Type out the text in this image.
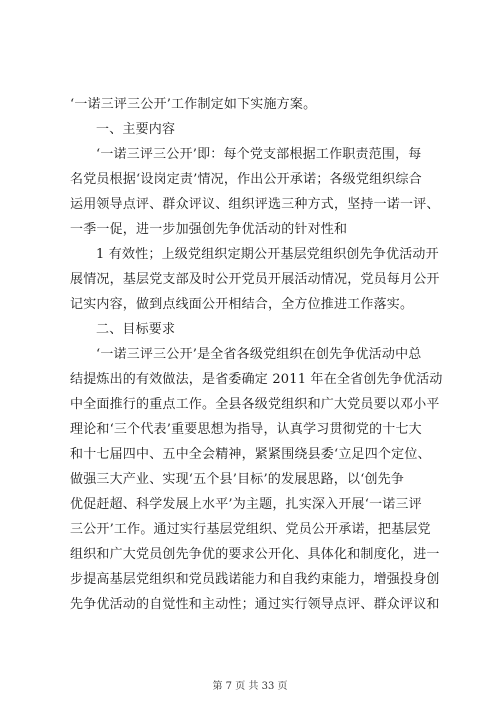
‘一诺三评三公开’工作制定如下实施方案。
一、主要内容
‘一诺三评三公开’即：每个党支部根据工作职责范围，每
名党员根据‘设岗定责’情况，作出公开承诺；各级党组织综合
运用领导点评、群众评议、组织评选三种方式，坚持一诺一评、
一季一促，进一步加强创先争优活动的针对性和
1 有效性；上级党组织定期公开基层党组织创先争优活动开
展情况，基层党支部及时公开党员开展活动情况，党员每月公开
记实内容，做到点线面公开相结合，全方位推进工作落实。
二、目标要求
‘一诺三评三公开’是全省各级党组织在创先争优活动中总
结提炼出的有效做法，是省委确定 2011 年在全省创先争优活动
中全面推行的重点工作。全县各级党组织和广大党员要以邓小平
理论和‘三个代表’重要思想为指导，认真学习贯彻党的十七大
和十七届四中、五中全会精神，紧紧围绕县委‘立足四个定位、
做强三大产业、实现‘五个县’目标’的发展思路，以‘创先争
优促赶超、科学发展上水平’为主题，扎实深入开展‘一诺三评
三公开’工作。通过实行基层党组织、党员公开承诺，把基层党
组织和广大党员创先争优的要求公开化、具体化和制度化，进一
步提高基层党组织和党员践诺能力和自我约束能力，增强投身创
先争优活动的自觉性和主动性；通过实行领导点评、群众评议和
第 7 页 共 33 页
